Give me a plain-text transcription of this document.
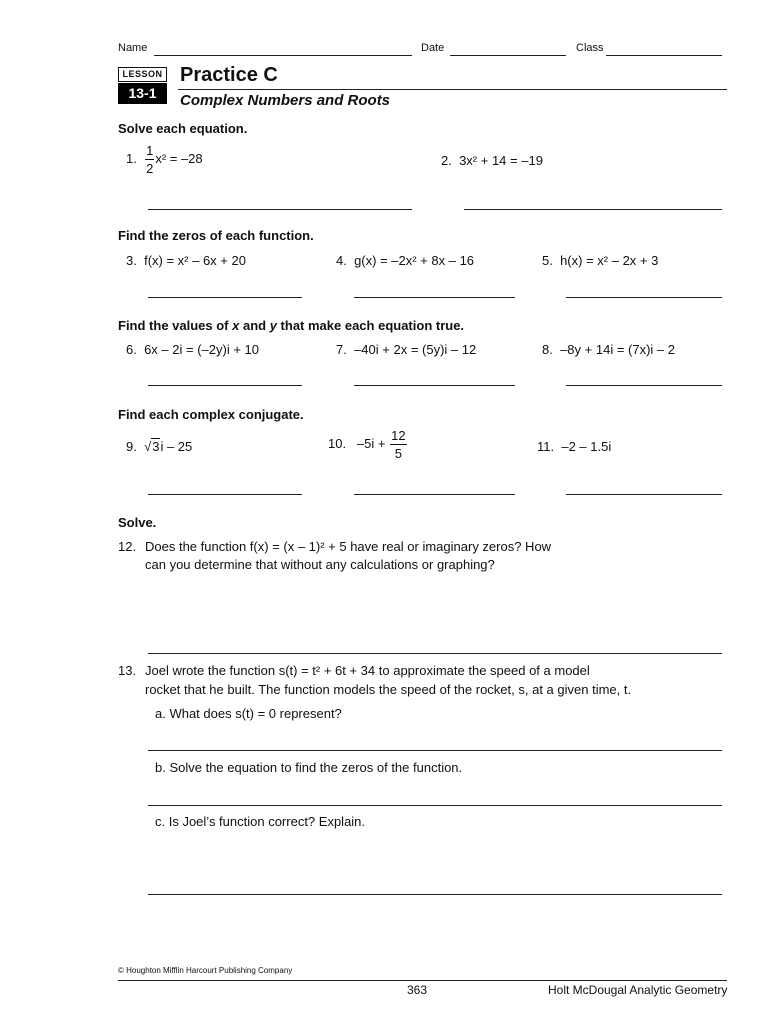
Name	Date	Class
LESSON
13-1
Practice C
Complex Numbers and Roots
Solve each equation.
1. $\frac{1}{2} x^2 = -28$	2. 3x² + 14 = –19
Find the zeros of each function.
3. f(x) = x² – 6x + 20	4. g(x) = –2x² + 8x – 16	5. h(x) = x² – 2x + 3
Find the values of x and y that make each equation true.
6. 6x – 2i = (–2y)i + 10	7. –40i + 2x = (5y)i – 12	8. –8y + 14i = (7x)i – 2
Find each complex conjugate.
9. √3i – 25	10. $-5i + \frac{12}{5}$	11. –2 – 1.5i
Solve.
12. Does the function f(x) = (x – 1)² + 5 have real or imaginary zeros? How
can you determine that without any calculations or graphing?
13. Joel wrote the function s(t) = t² + 6t + 34 to approximate the speed of a model
rocket that he built. The function models the speed of the rocket, s, at a given time, t.
a. What does s(t) = 0 represent?
b. Solve the equation to find the zeros of the function.
c. Is Joel’s function correct? Explain.
© Houghton Mifflin Harcourt Publishing Company
363	Holt McDougal Analytic Geometry
